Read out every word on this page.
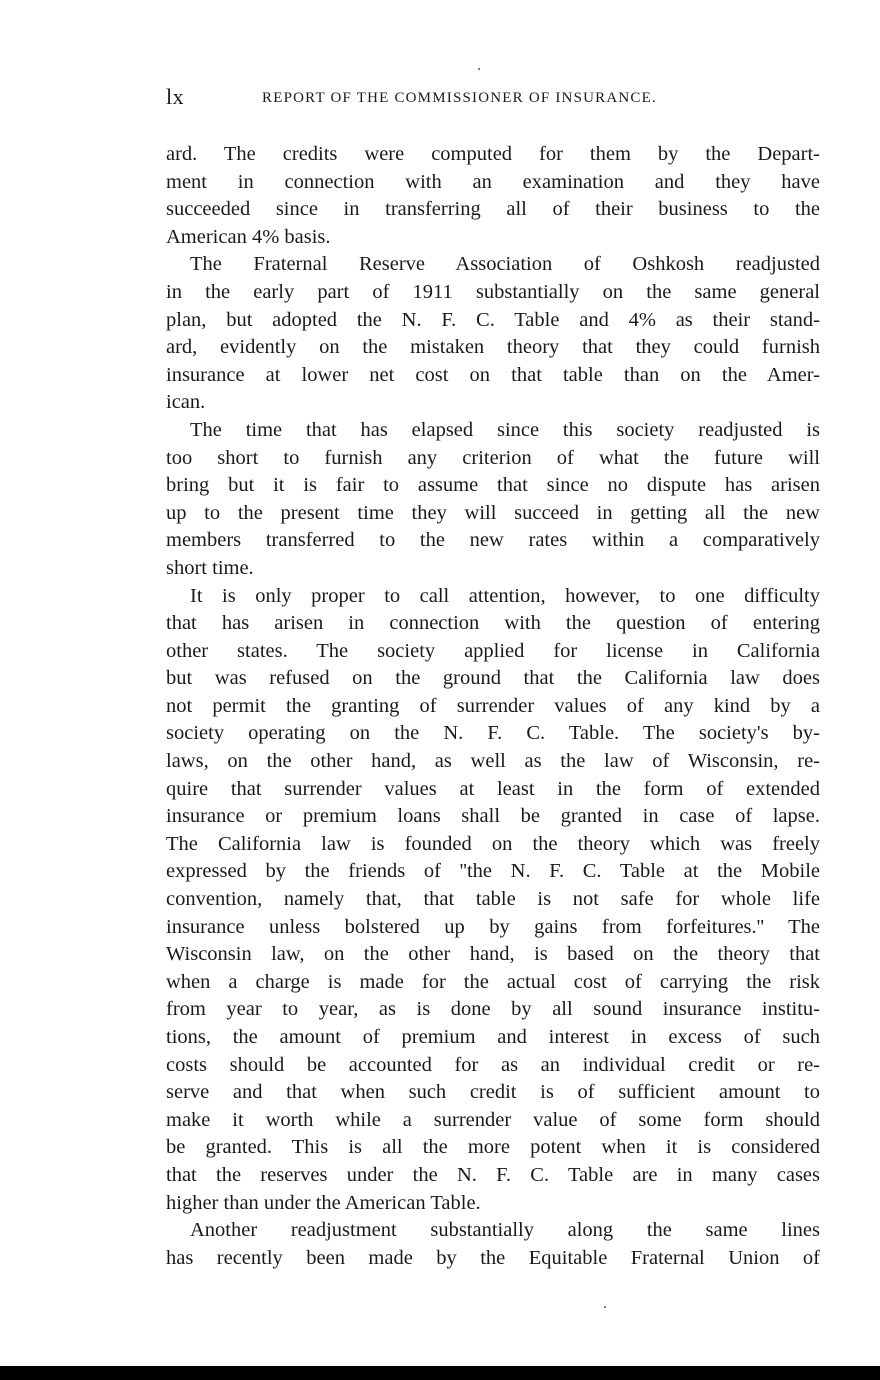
lx	REPORT OF THE COMMISSIONER OF INSURANCE.
ard. The credits were computed for them by the Depart-
ment in connection with an examination and they have
succeeded since in transferring all of their business to the
American 4% basis.
The Fraternal Reserve Association of Oshkosh readjusted
in the early part of 1911 substantially on the same general
plan, but adopted the N. F. C. Table and 4% as their stand-
ard, evidently on the mistaken theory that they could furnish
insurance at lower net cost on that table than on the Amer-
ican.
The time that has elapsed since this society readjusted is
too short to furnish any criterion of what the future will
bring but it is fair to assume that since no dispute has arisen
up to the present time they will succeed in getting all the new
members transferred to the new rates within a comparatively
short time.
It is only proper to call attention, however, to one difficulty
that has arisen in connection with the question of entering
other states. The society applied for license in California
but was refused on the ground that the California law does
not permit the granting of surrender values of any kind by a
society operating on the N. F. C. Table. The society's by-
laws, on the other hand, as well as the law of Wisconsin, re-
quire that surrender values at least in the form of extended
insurance or premium loans shall be granted in case of lapse.
The California law is founded on the theory which was freely
expressed by the friends of ''the N. F. C. Table at the Mobile
convention, namely that, that table is not safe for whole life
insurance unless bolstered up by gains from forfeitures.'' The
Wisconsin law, on the other hand, is based on the theory that
when a charge is made for the actual cost of carrying the risk
from year to year, as is done by all sound insurance institu-
tions, the amount of premium and interest in excess of such
costs should be accounted for as an individual credit or re-
serve and that when such credit is of sufficient amount to
make it worth while a surrender value of some form should
be granted. This is all the more potent when it is considered
that the reserves under the N. F. C. Table are in many cases
higher than under the American Table.
Another readjustment substantially along the same lines
has recently been made by the Equitable Fraternal Union of
